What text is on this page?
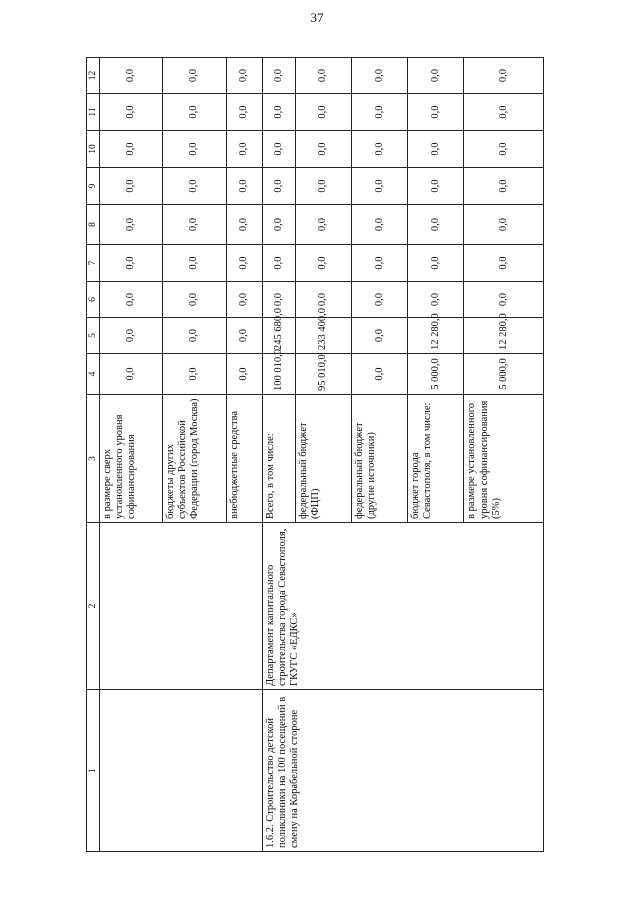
37
1	2	3	4	5	6	7	8	9	10	11	12	
		в размере сверх установленного уровня софинансирования	0,0	0,0	0,0	0,0	0,0	0,0	0,0	0,0	0,0	
		бюджеты других субъектов Российской Федерации (город Москва)	0,0	0,0	0,0	0,0	0,0	0,0	0,0	0,0	0,0	
		внебюджетные средства	0,0	0,0	0,0	0,0	0,0	0,0	0,0	0,0	0,0	
1.6.2. Строительство детской поликлиники на 100 посещений в смену на Корабельной стороне	Департамент капитального строительства города Севастополя, ГКУГС «ЕДКС»	Всего, в том числе:	100 010,0	245 680,0	0,0	0,0	0,0	0,0	0,0	0,0	0,0	
		федеральный бюджет (ФЦП)	95 010,0	233 400,0	0,0	0,0	0,0	0,0	0,0	0,0	0,0	
		федеральный бюджет (другие источники)	0,0	0,0	0,0	0,0	0,0	0,0	0,0	0,0	0,0	
		бюджет города Севастополя, в том числе:	5 000,0	12 280,0	0,0	0,0	0,0	0,0	0,0	0,0	0,0	
		в размере установленного уровня софинансирования (5%)	5 000,0	12 280,0	0,0	0,0	0,0	0,0	0,0	0,0	0,0	
